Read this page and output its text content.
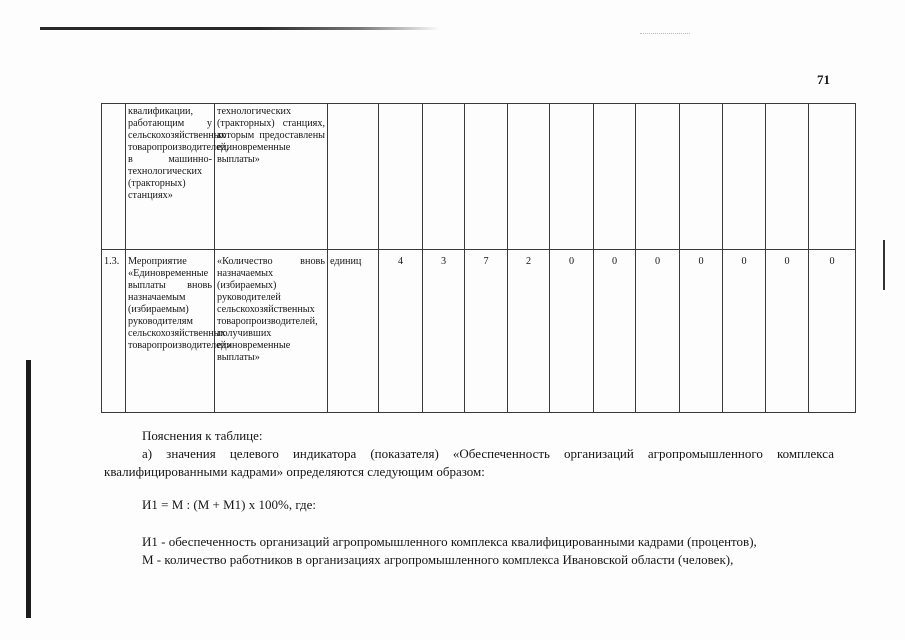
71
	квалификации, работающим у сельскохозяйственных товаропроизводителей, в машинно-технологических (тракторных) станциях»	технологических (тракторных) станциях, которым предоставлены единовременные выплаты»												
1.3.	Мероприятие «Единовременные выплаты вновь назначаемым (избираемым) руководителям сельскохозяйственных товаропроизводителей»	«Количество вновь назначаемых (избираемых) руководителей сельскохозяйственных товаропроизводителей, получивших единовременные выплаты»	единиц	4	3	7	2	0	0	0	0	0	0	0

Пояснения к таблице:

а) значения целевого индикатора (показателя) «Обеспеченность организаций агропромышленного комплекса квалифицированными кадрами» определяются следующим образом:

И1 = М : (М + М1) х 100%, где:

И1 - обеспеченность организаций агропромышленного комплекса квалифицированными кадрами (процентов),

М - количество работников в организациях агропромышленного комплекса Ивановской области (человек),
